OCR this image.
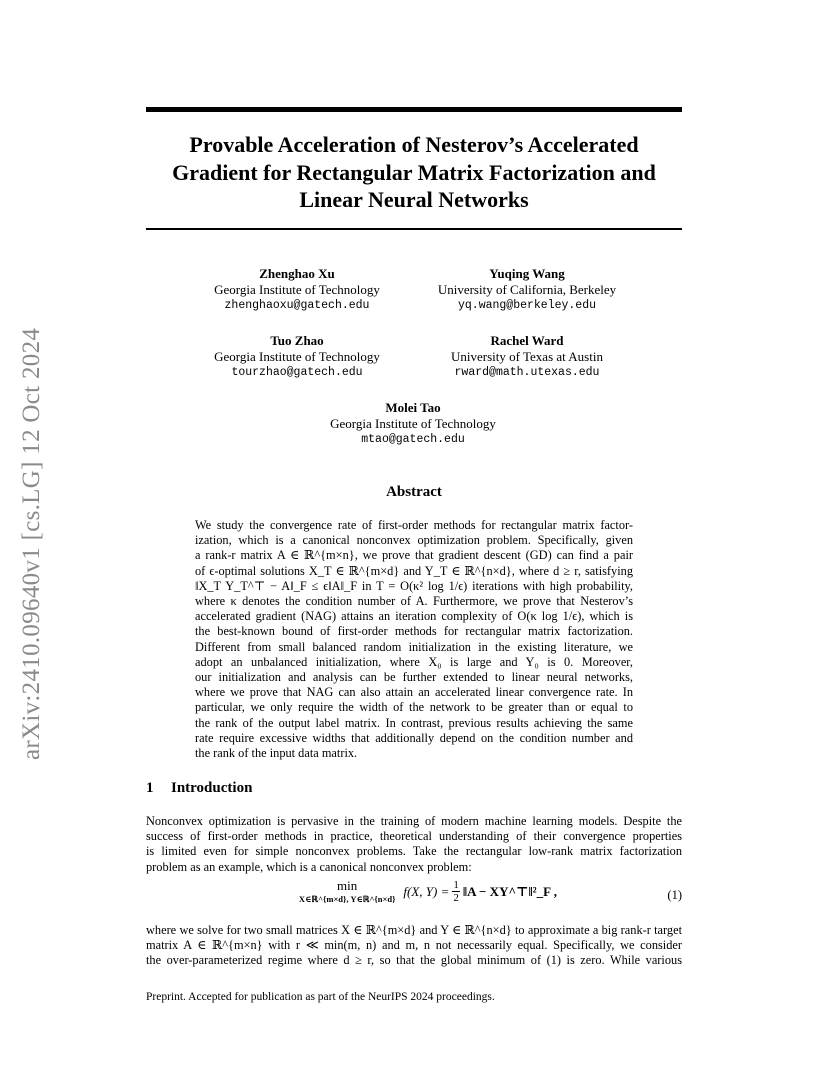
Provable Acceleration of Nesterov’s Accelerated
Gradient for Rectangular Matrix Factorization and
Linear Neural Networks
arXiv:2410.09640v1 [cs.LG] 12 Oct 2024
Zhenghao Xu
Georgia Institute of Technology
zhenghaoxu@gatech.edu
Yuqing Wang
University of California, Berkeley
yq.wang@berkeley.edu
Tuo Zhao
Georgia Institute of Technology
tourzhao@gatech.edu
Rachel Ward
University of Texas at Austin
rward@math.utexas.edu
Molei Tao
Georgia Institute of Technology
mtao@gatech.edu
Abstract
We study the convergence rate of first-order methods for rectangular matrix factor-
ization, which is a canonical nonconvex optimization problem. Specifically, given
a rank-r matrix A ∈ ℝ^{m×n}, we prove that gradient descent (GD) can find a pair
of ϵ-optimal solutions X_T ∈ ℝ^{m×d} and Y_T ∈ ℝ^{n×d}, where d ≥ r, satisfying
‖X_T Y_T^⊤ − A‖_F ≤ ϵ‖A‖_F in T = O(κ² log 1/ϵ) iterations with high probability,
where κ denotes the condition number of A. Furthermore, we prove that Nesterov’s
accelerated gradient (NAG) attains an iteration complexity of O(κ log 1/ϵ), which is
the best-known bound of first-order methods for rectangular matrix factorization.
Different from small balanced random initialization in the existing literature, we
adopt an unbalanced initialization, where X₀ is large and Y₀ is 0. Moreover,
our initialization and analysis can be further extended to linear neural networks,
where we prove that NAG can also attain an accelerated linear convergence rate. In
particular, we only require the width of the network to be greater than or equal to
the rank of the output label matrix. In contrast, previous results achieving the same
rate require excessive widths that additionally depend on the condition number and
the rank of the input data matrix.
1 Introduction
Nonconvex optimization is pervasive in the training of modern machine learning models. Despite the
success of first-order methods in practice, theoretical understanding of their convergence properties
is limited even for simple nonconvex problems. Take the rectangular low-rank matrix factorization
problem as an example, which is a canonical nonconvex problem:
min
X∈ℝ^{m×d}, Y∈ℝ^{n×d}
f(X, $Y) = \frac{1}{2}$ ‖A − XY^⊤‖²_F ,	(1)
where we solve for two small matrices X ∈ ℝ^{m×d} and Y ∈ ℝ^{n×d} to approximate a big rank-r target
matrix A ∈ ℝ^{m×n} with r ≪ min(m, n) and m, n not necessarily equal. Specifically, we consider
the over-parameterized regime where d ≥ r, so that the global minimum of (1) is zero. While various
Preprint. Accepted for publication as part of the NeurIPS 2024 proceedings.
